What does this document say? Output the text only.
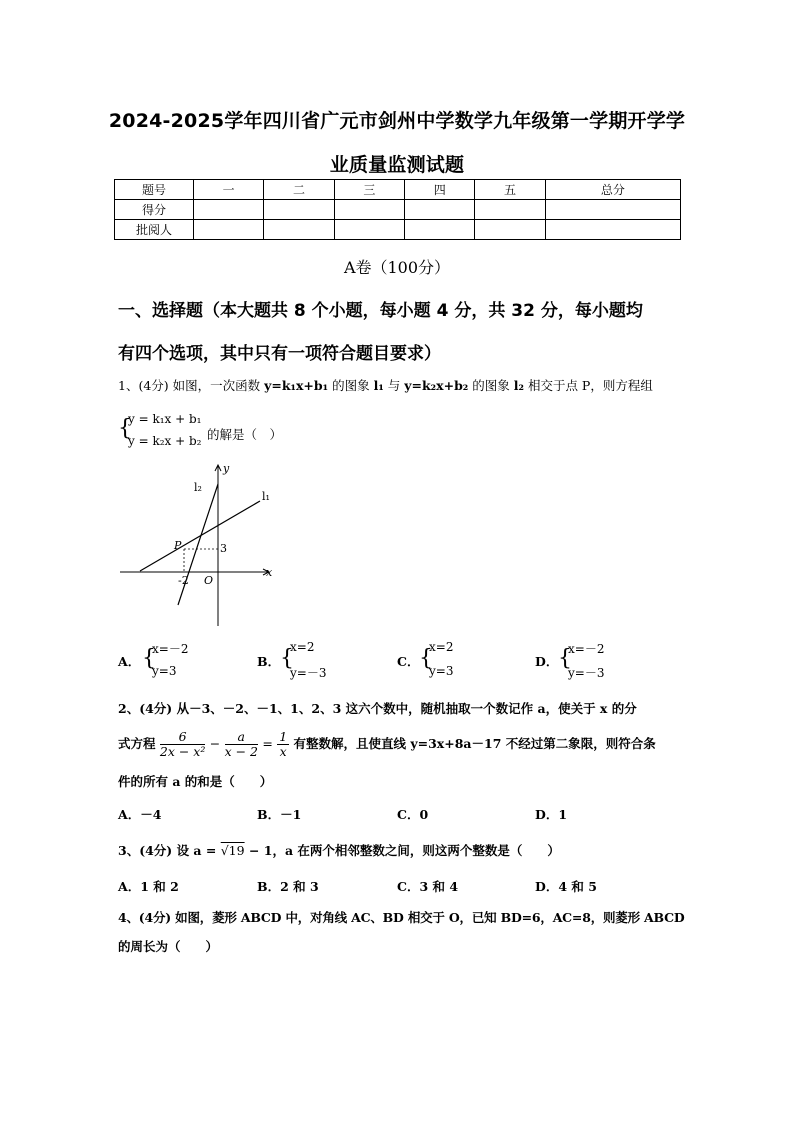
2024-2025学年四川省广元市剑州中学数学九年级第一学期开学学
业质量监测试题
题号	一	二	三	四	五	总分
得分						
批阅人						
A卷（100分）
一、选择题（本大题共 8 个小题，每小题 4 分，共 32 分，每小题均
有四个选项，其中只有一项符合题目要求）
1、(4分) 如图，一次函数 y=k₁x+b₁ 的图象 l₁ 与 y=k₂x+b₂ 的图象 l₂ 相交于点 P，则方程组
{
y = k₁x + b₁
y = k₂x + b₂ 的解是（　）
y
x
l₁
l₂
P	3
-2 O
A． {
x=－2
y=3
B． {
x=2
y=－3
C． {
x=2
y=3
D． {
x=－2
y=－3
2、(4分) 从－3、－2、－1、1、2、3 这六个数中，随机抽取一个数记作 a，使关于 x 的分
式方程 $\frac{6}{\text{2x − x²}} - \frac{a}{x - 2} = \frac{1}{x}$ 有整数解，且使直线 y=3x+8a－17 不经过第二象限，则符合条
件的所有 a 的和是（　　）
A．－4	B．－1	C．0	D．1
3、(4分) 设 a = √19 − 1，a 在两个相邻整数之间，则这两个整数是（　　）
A．1 和 2	B．2 和 3	C．3 和 4	D．4 和 5
4、(4分) 如图，菱形 ABCD 中，对角线 AC、BD 相交于 O，已知 BD=6，AC=8，则菱形 ABCD
的周长为（　　）
